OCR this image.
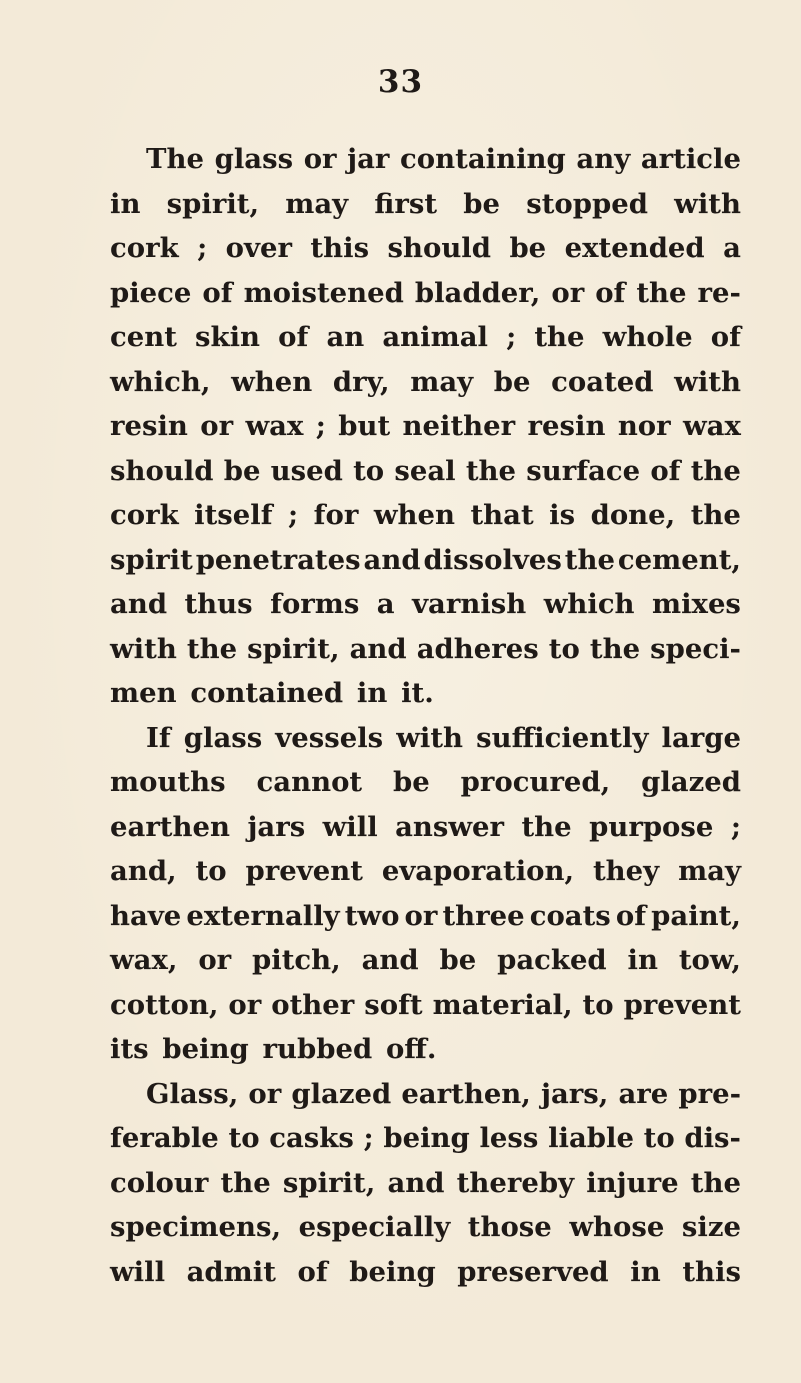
33
The glass or jar containing any article
in spirit, may first be stopped with
cork ; over this should be extended a
piece of moistened bladder, or of the re-
cent skin of an animal ; the whole of
which, when dry, may be coated with
resin or wax ; but neither resin nor wax
should be used to seal the surface of the
cork itself ; for when that is done, the
spirit penetrates and dissolves the cement,
and thus forms a varnish which mixes
with the spirit, and adheres to the speci-
men contained in it.
If glass vessels with sufficiently large
mouths cannot be procured, glazed
earthen jars will answer the purpose ;
and, to prevent evaporation, they may
have externally two or three coats of paint,
wax, or pitch, and be packed in tow,
cotton, or other soft material, to prevent
its being rubbed off.
Glass, or glazed earthen, jars, are pre-
ferable to casks ; being less liable to dis-
colour the spirit, and thereby injure the
specimens, especially those whose size
will admit of being preserved in this
